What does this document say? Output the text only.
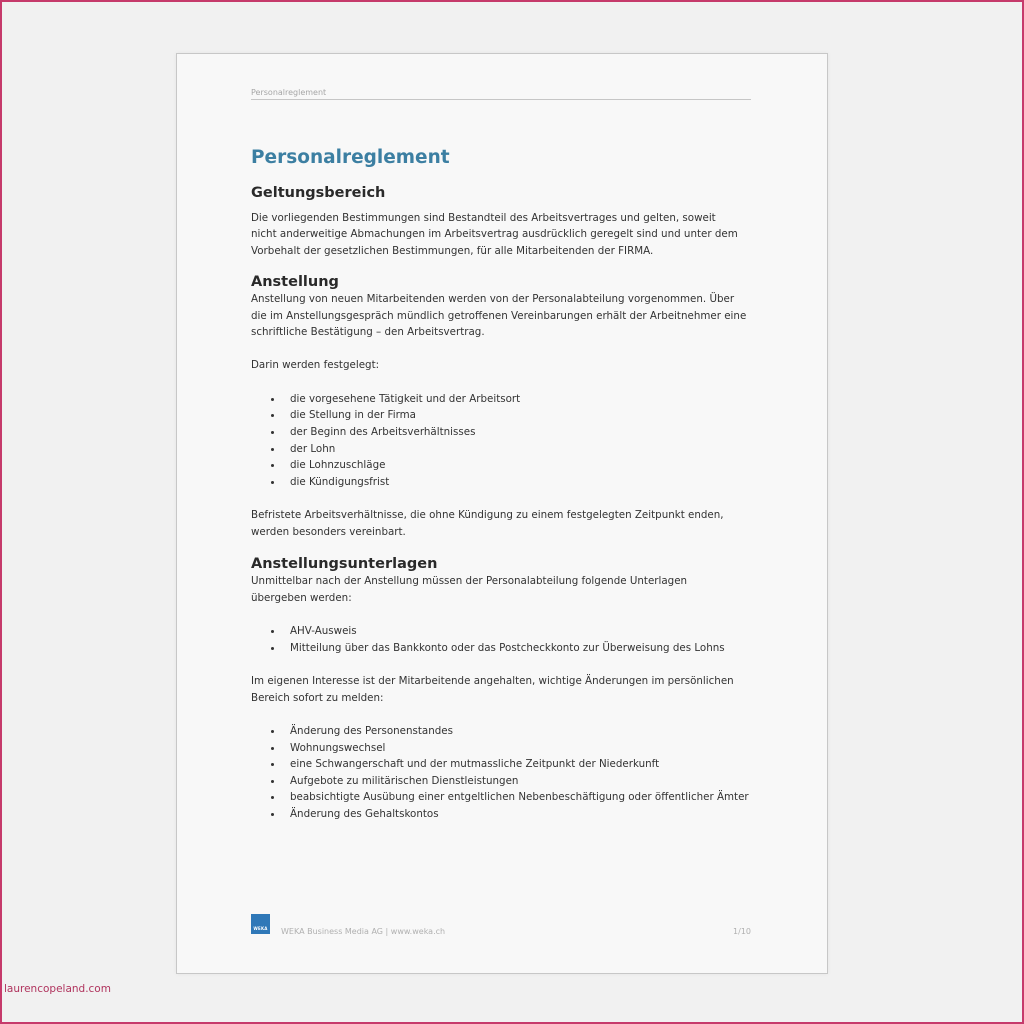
Personalreglement
Personalreglement
Geltungsbereich

Die vorliegenden Bestimmungen sind Bestandteil des Arbeitsvertrages und gelten, soweit nicht anderweitige Abmachungen im Arbeitsvertrag ausdrücklich geregelt sind und unter dem Vorbehalt der gesetzlichen Bestimmungen, für alle Mitarbeitenden der FIRMA.

Anstellung

Anstellung von neuen Mitarbeitenden werden von der Personalabteilung vorgenommen. Über die im Anstellungsgespräch mündlich getroffenen Vereinbarungen erhält der Arbeitnehmer eine schriftliche Bestätigung – den Arbeitsvertrag.

Darin werden festgelegt:

die vorgesehene Tätigkeit und der Arbeitsort
die Stellung in der Firma
der Beginn des Arbeitsverhältnisses
der Lohn
die Lohnzuschläge
die Kündigungsfrist

Befristete Arbeitsverhältnisse, die ohne Kündigung zu einem festgelegten Zeitpunkt enden, werden besonders vereinbart.

Anstellungsunterlagen

Unmittelbar nach der Anstellung müssen der Personalabteilung folgende Unterlagen übergeben werden:

AHV-Ausweis
Mitteilung über das Bankkonto oder das Postcheckkonto zur Überweisung des Lohns

Im eigenen Interesse ist der Mitarbeitende angehalten, wichtige Änderungen im persönlichen Bereich sofort zu melden:

Änderung des Personenstandes
Wohnungswechsel
eine Schwangerschaft und der mutmassliche Zeitpunkt der Niederkunft
Aufgebote zu militärischen Dienstleistungen
beabsichtigte Ausübung einer entgeltlichen Nebenbeschäftigung oder öffentlicher Ämter
Änderung des Gehaltskontos
WEKA	WEKA Business Media AG | www.weka.ch	1/10
laurencopeland.com
